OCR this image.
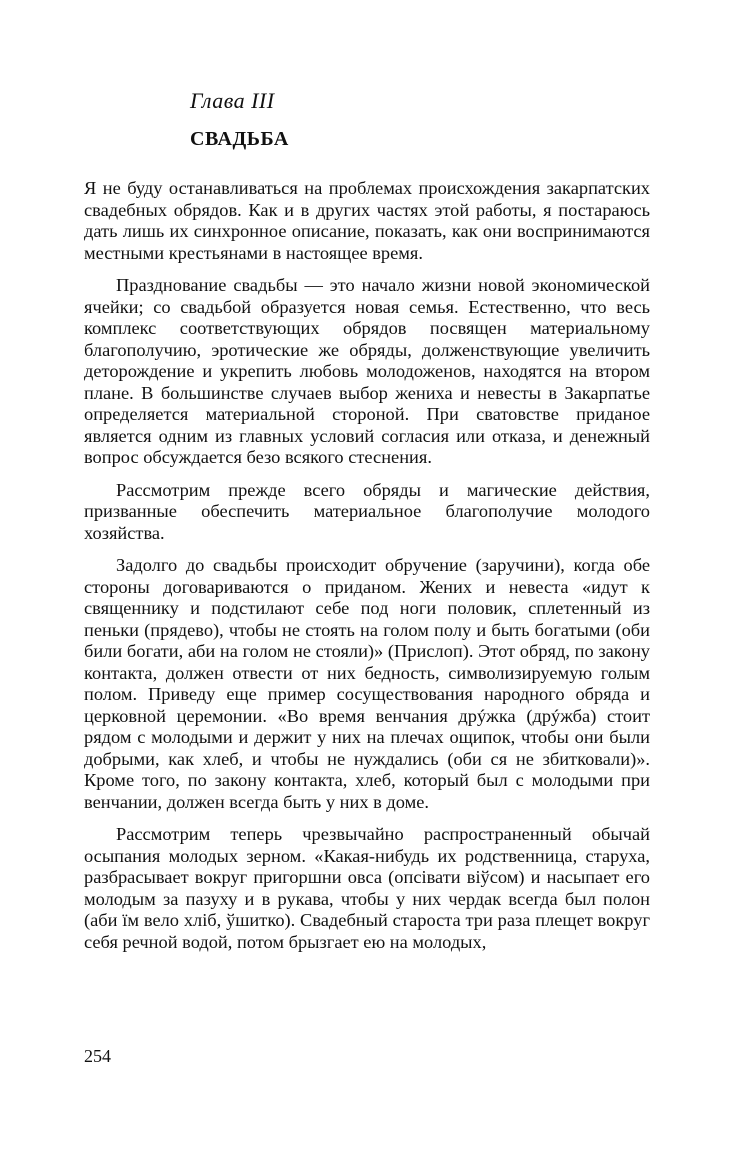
Глава III
СВАДЬБА

Я не буду останавливаться на проблемах происхождения закарпатских свадебных обрядов. Как и в других частях этой работы, я постараюсь дать лишь их синхронное описание, показать, как они воспринимаются местными крестьянами в настоящее время.

Празднование свадьбы — это начало жизни новой экономической ячейки; со свадьбой образуется новая семья. Естественно, что весь комплекс соответствующих обрядов посвящен материальному благополучию, эротические же обряды, долженствующие увеличить деторождение и укрепить любовь молодоженов, находятся на втором плане. В большинстве случаев выбор жениха и невесты в Закарпатье определяется материальной стороной. При сватовстве приданое является одним из главных условий согласия или отказа, и денежный вопрос обсуждается безо всякого стеснения.

Рассмотрим прежде всего обряды и магические действия, призванные обеспечить материальное благополучие молодого хозяйства.

Задолго до свадьбы происходит обручение (заручини), когда обе стороны договариваются о приданом. Жених и невеста «идут к священнику и подстилают себе под ноги половик, сплетенный из пеньки (прядево), чтобы не стоять на голом полу и быть богатыми (оби били богати, аби на голом не стояли)» (Прислоп). Этот обряд, по закону контакта, должен отвести от них бедность, символизируемую голым полом. Приведу еще пример сосуществования народного обряда и церковной церемонии. «Во время венчания дрýжка (дрýжба) стоит рядом с молодыми и держит у них на плечах ощипок, чтобы они были добрыми, как хлеб, и чтобы не нуждались (оби ся не збитковали)». Кроме того, по закону контакта, хлеб, который был с молодыми при венчании, должен всегда быть у них в доме.

Рассмотрим теперь чрезвычайно распространенный обычай осыпания молодых зерном. «Какая-нибудь их родственница, старуха, разбрасывает вокруг пригоршни овса (опсiвати вiўсом) и насыпает его молодым за пазуху и в рукава, чтобы у них чердак всегда был полон (аби їм вело хлiб, ўшитко). Свадебный староста три раза плещет вокруг себя речной водой, потом брызгает ею на молодых,

254
